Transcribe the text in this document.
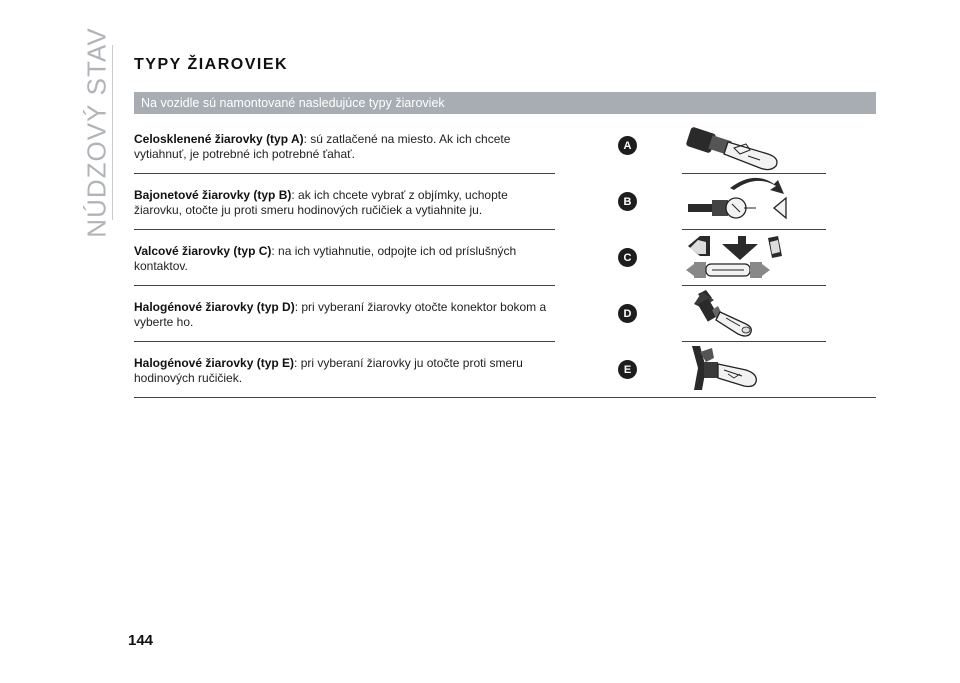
NÚDZOVÝ STAV TYPY ŽIAROVIEK
Na vozidle sú namontované nasledujúce typy žiaroviek
Celosklenené žiarovky (typ A): sú zatlačené na miesto. Ak ich chcete vytiahnuť, je potrebné ich potrebné ťahať.
A
Bajonetové žiarovky (typ B): ak ich chcete vybrať z objímky, uchopte žiarovku, otočte ju proti smeru hodinových ručičiek a vytiahnite ju.
B
Valcové žiarovky (typ C): na ich vytiahnutie, odpojte ich od príslušných kontaktov.
C
Halogénové žiarovky (typ D): pri vyberaní žiarovky otočte konektor bokom a vyberte ho.
D
Halogénové žiarovky (typ E): pri vyberaní žiarovky ju otočte proti smeru hodinových ručičiek.
E
144
